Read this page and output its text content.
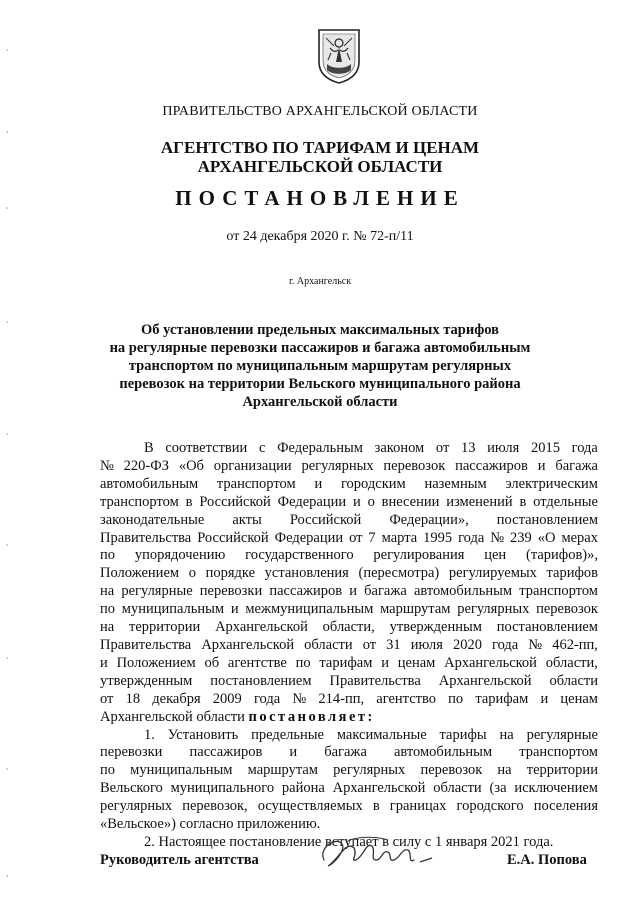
ПРАВИТЕЛЬСТВО АРХАНГЕЛЬСКОЙ ОБЛАСТИ
АГЕНТСТВО ПО ТАРИФАМ И ЦЕНАМ
АРХАНГЕЛЬСКОЙ ОБЛАСТИ
ПОСТАНОВЛЕНИЕ
от 24 декабря 2020 г. № 72-п/11
г. Архангельск
Об установлении предельных максимальных тарифов
на регулярные перевозки пассажиров и багажа автомобильным
транспортом по муниципальным маршрутам регулярных
перевозок на территории Вельского муниципального района
Архангельской области
В соответствии с Федеральным законом от 13 июля 2015 года
№ 220-ФЗ «Об организации регулярных перевозок пассажиров и багажа
автомобильным транспортом и городским наземным электрическим
транспортом в Российской Федерации и о внесении изменений в отдельные
законодательные акты Российской Федерации», постановлением
Правительства Российской Федерации от 7 марта 1995 года № 239 «О мерах
по упорядочению государственного регулирования цен (тарифов)»,
Положением о порядке установления (пересмотра) регулируемых тарифов
на регулярные перевозки пассажиров и багажа автомобильным транспортом
по муниципальным и межмуниципальным маршрутам регулярных перевозок
на территории Архангельской области, утвержденным постановлением
Правительства Архангельской области от 31 июля 2020 года № 462-пп,
и Положением об агентстве по тарифам и ценам Архангельской области,
утвержденным постановлением Правительства Архангельской области
от 18 декабря 2009 года № 214-пп, агентство по тарифам и ценам
Архангельской области постановляет:
1. Установить предельные максимальные тарифы на регулярные
перевозки пассажиров и багажа автомобильным транспортом
по муниципальным маршрутам регулярных перевозок на территории
Вельского муниципального района Архангельской области (за исключением
регулярных перевозок, осуществляемых в границах городского поселения
«Вельское») согласно приложению.
2. Настоящее постановление вступает в силу с 1 января 2021 года.
Руководитель агентства	Е.А. Попова
